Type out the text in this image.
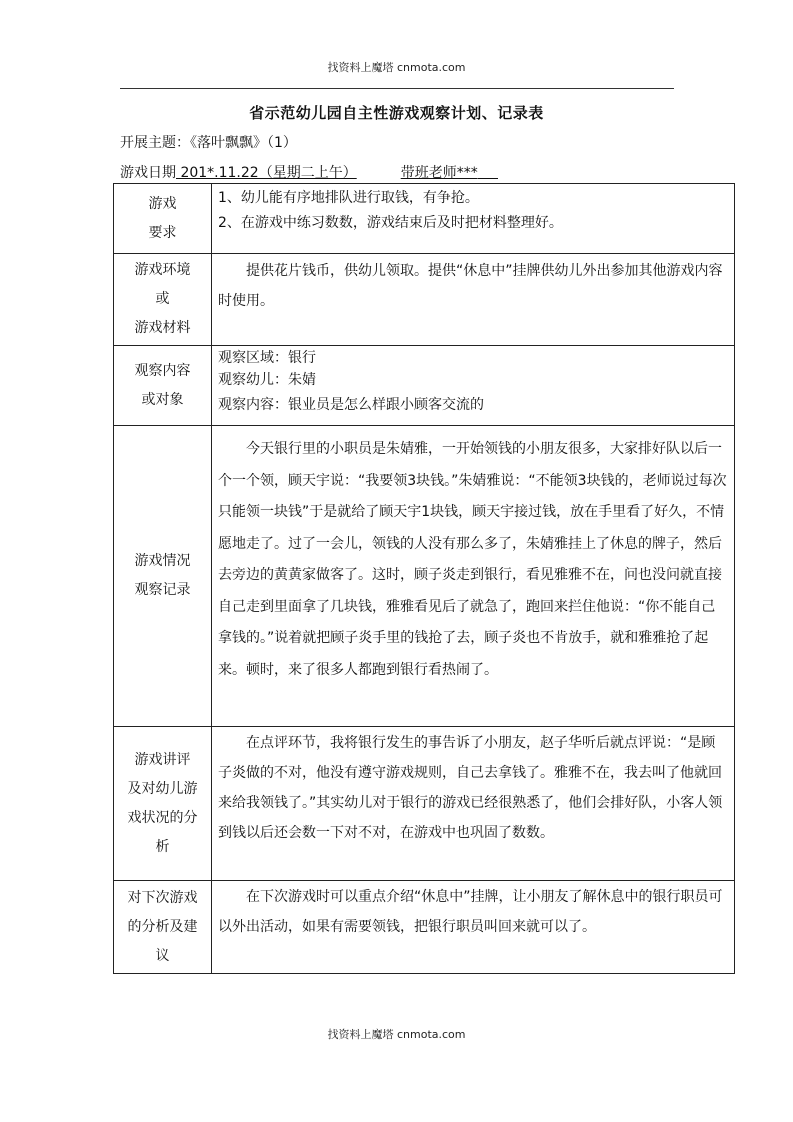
找资料上魔塔 cnmota.com
省示范幼儿园自主性游戏观察计划、记录表
开展主题：《落叶飘飘》（1）
游戏日期 201*.11.22（星期二上午）	带班老师***
游戏
要求	1、幼儿能有序地排队进行取钱，有争抢。
2、在游戏中练习数数，游戏结束后及时把材料整理好。

游戏环境
或
游戏材料	提供花片钱币，供幼儿领取。提供“休息中”挂牌供幼儿外出参加其他游戏内容时使用。

观察内容
或对象	观察区域：银行
观察幼儿：朱婧
观察内容：银业员是怎么样跟小顾客交流的

游戏情况
观察记录	今天银行里的小职员是朱婧雅，一开始领钱的小朋友很多，大家排好队以后一个一个领，顾天宇说：“我要领3块钱。”朱婧雅说：“不能领3块钱的，老师说过每次只能领一块钱”于是就给了顾天宇1块钱，顾天宇接过钱，放在手里看了好久，不情愿地走了。过了一会儿，领钱的人没有那么多了，朱婧雅挂上了休息的牌子，然后去旁边的黄黄家做客了。这时，顾子炎走到银行，看见雅雅不在，问也没问就直接自己走到里面拿了几块钱，雅雅看见后了就急了，跑回来拦住他说：“你不能自己拿钱的。”说着就把顾子炎手里的钱抢了去，顾子炎也不肯放手，就和雅雅抢了起来。顿时，来了很多人都跑到银行看热闹了。

游戏讲评
及对幼儿游
戏状况的分
析	在点评环节，我将银行发生的事告诉了小朋友，赵子华听后就点评说：“是顾子炎做的不对，他没有遵守游戏规则，自己去拿钱了。雅雅不在，我去叫了他就回来给我领钱了。”其实幼儿对于银行的游戏已经很熟悉了，他们会排好队，小客人领到钱以后还会数一下对不对，在游戏中也巩固了数数。

对下次游戏
的分析及建
议	在下次游戏时可以重点介绍“休息中”挂牌，让小朋友了解休息中的银行职员可以外出活动，如果有需要领钱，把银行职员叫回来就可以了。

找资料上魔塔 cnmota.com
